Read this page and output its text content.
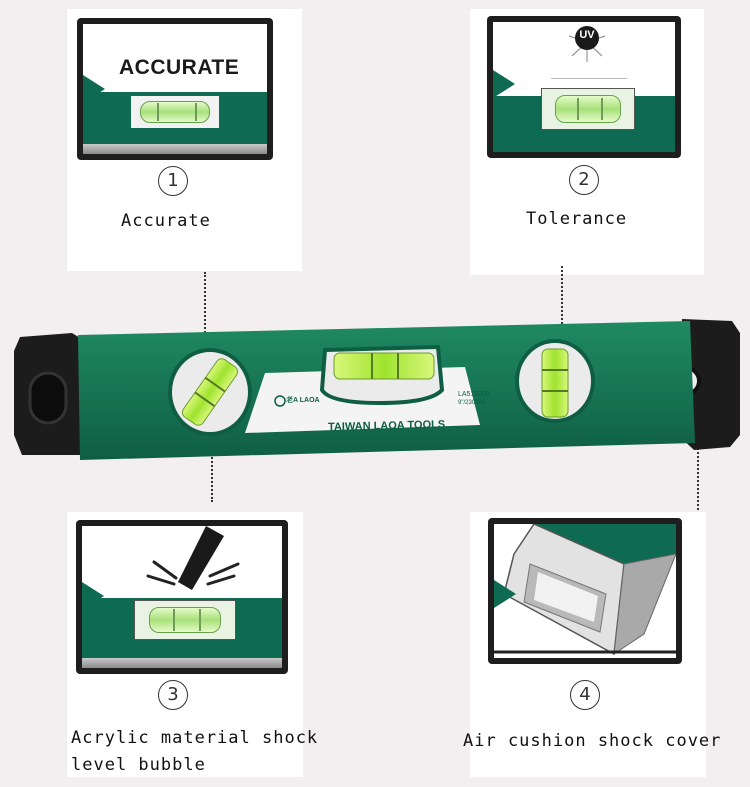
ACCURATE
1
Accurate
UV
2
Tolerance
TAIWAN LAOA TOOLS
老A LAOA
LA513009
9"/230MM
3
Acrylic material shock
level bubble
4
Air cushion shock cover
